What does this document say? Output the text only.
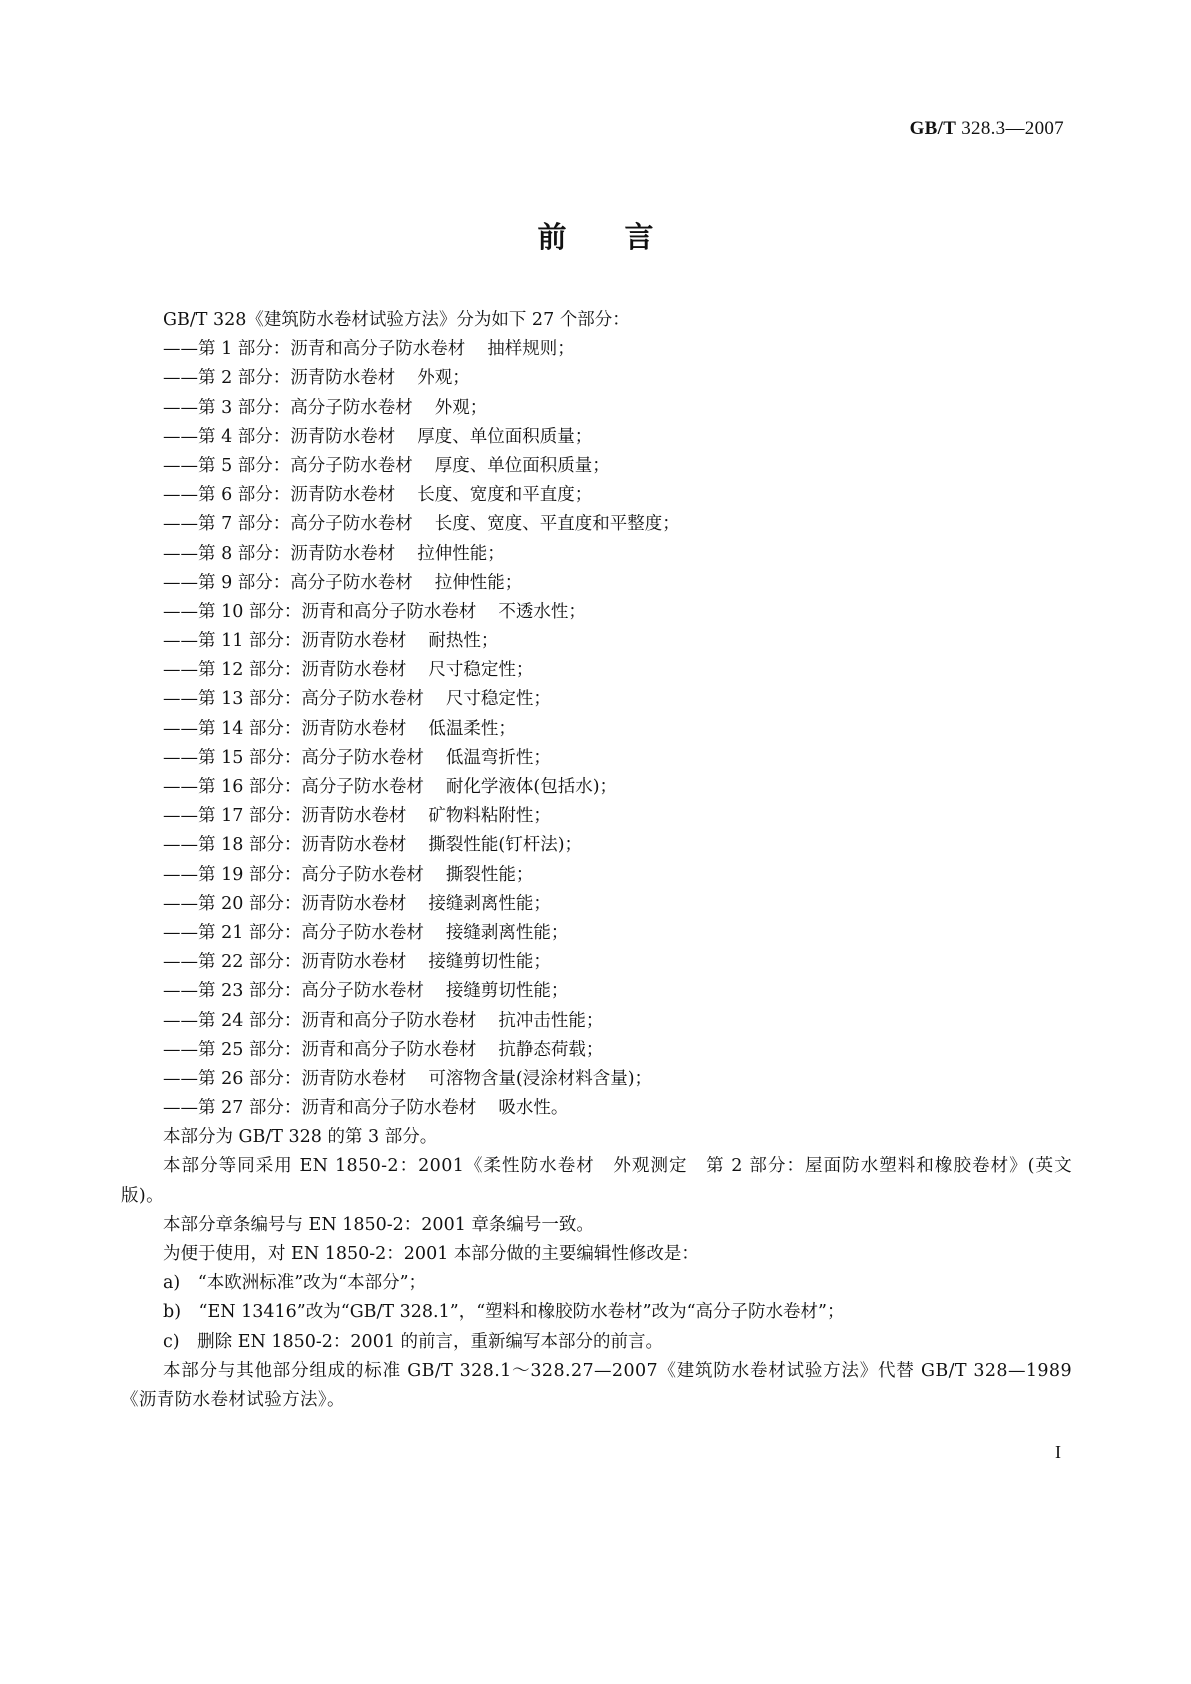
GB/T 328.3—2007
前言
GB/T 328《建筑防水卷材试验方法》分为如下 27 个部分：
——第 1 部分：沥青和高分子防水卷材 抽样规则；
——第 2 部分：沥青防水卷材 外观；
——第 3 部分：高分子防水卷材 外观；
——第 4 部分：沥青防水卷材 厚度、单位面积质量；
——第 5 部分：高分子防水卷材 厚度、单位面积质量；
——第 6 部分：沥青防水卷材 长度、宽度和平直度；
——第 7 部分：高分子防水卷材 长度、宽度、平直度和平整度；
——第 8 部分：沥青防水卷材 拉伸性能；
——第 9 部分：高分子防水卷材 拉伸性能；
——第 10 部分：沥青和高分子防水卷材 不透水性；
——第 11 部分：沥青防水卷材 耐热性；
——第 12 部分：沥青防水卷材 尺寸稳定性；
——第 13 部分：高分子防水卷材 尺寸稳定性；
——第 14 部分：沥青防水卷材 低温柔性；
——第 15 部分：高分子防水卷材 低温弯折性；
——第 16 部分：高分子防水卷材 耐化学液体(包括水)；
——第 17 部分：沥青防水卷材 矿物料粘附性；
——第 18 部分：沥青防水卷材 撕裂性能(钉杆法)；
——第 19 部分：高分子防水卷材 撕裂性能；
——第 20 部分：沥青防水卷材 接缝剥离性能；
——第 21 部分：高分子防水卷材 接缝剥离性能；
——第 22 部分：沥青防水卷材 接缝剪切性能；
——第 23 部分：高分子防水卷材 接缝剪切性能；
——第 24 部分：沥青和高分子防水卷材 抗冲击性能；
——第 25 部分：沥青和高分子防水卷材 抗静态荷载；
——第 26 部分：沥青防水卷材 可溶物含量(浸涂材料含量)；
——第 27 部分：沥青和高分子防水卷材 吸水性。
本部分为 GB/T 328 的第 3 部分。
本部分等同采用 EN 1850-2：2001《柔性防水卷材　外观测定　第 2 部分：屋面防水塑料和橡胶卷材》(英文版)。
本部分章条编号与 EN 1850-2：2001 章条编号一致。
为便于使用，对 EN 1850-2：2001 本部分做的主要编辑性修改是：
a)　“本欧洲标准”改为“本部分”；
b)　“EN 13416”改为“GB/T 328.1”，“塑料和橡胶防水卷材”改为“高分子防水卷材”；
c)　删除 EN 1850-2：2001 的前言，重新编写本部分的前言。
本部分与其他部分组成的标准 GB/T 328.1～328.27—2007《建筑防水卷材试验方法》代替 GB/T 328—1989《沥青防水卷材试验方法》。
I
